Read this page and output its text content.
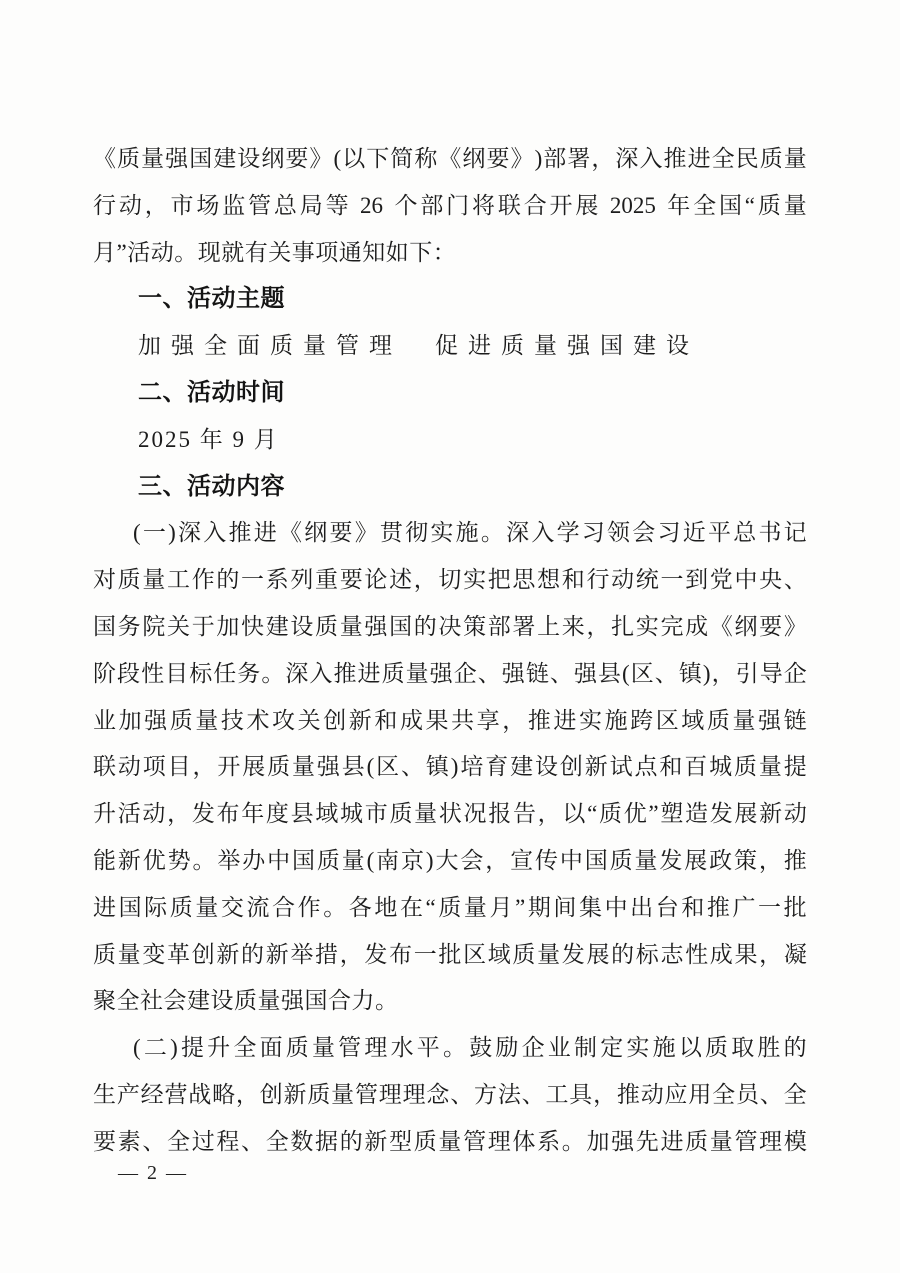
《 质 量 强 国 建 设 纲 要 》 ( 以 下 简 称 《 纲 要 》 ) 部 署 ， 深 入 推 进 全 民 质 量
行 动 ， 市 场 监 管 总 局 等
26
个 部 门 将 联 合 开 展
2025
年 全 国 “ 质 量
月”活动。现就有关事项通知如下：
一、活动主题
加强全面质量管理　促进质量强国建设
二、活动时间
2025 年 9 月
三、活动内容
( 一 ) 深 入 推 进 《 纲 要 》 贯 彻 实 施 。 深 入 学 习 领 会 习 近 平 总 书 记
对 质 量 工 作 的 一 系 列 重 要 论 述 ， 切 实 把 思 想 和 行 动 统 一 到 党 中 央 、
国 务 院 关 于 加 快 建 设 质 量 强 国 的 决 策 部 署 上 来 ， 扎 实 完 成 《 纲 要 》
阶 段 性 目 标 任 务 。 深 入 推 进 质 量 强 企 、 强 链 、 强 县 ( 区 、 镇 ) ， 引 导 企
业 加 强 质 量 技 术 攻 关 创 新 和 成 果 共 享 ， 推 进 实 施 跨 区 域 质 量 强 链
联 动 项 目 ， 开 展 质 量 强 县 ( 区 、 镇 ) 培 育 建 设 创 新 试 点 和 百 城 质 量 提
升 活 动 ， 发 布 年 度 县 域 城 市 质 量 状 况 报 告 ， 以 “ 质 优 ” 塑 造 发 展 新 动
能 新 优 势 。 举 办 中 国 质 量 ( 南 京 ) 大 会 ， 宣 传 中 国 质 量 发 展 政 策 ， 推
进 国 际 质 量 交 流 合 作 。 各 地 在 “ 质 量 月 ” 期 间 集 中 出 台 和 推 广 一 批
质 量 变 革 创 新 的 新 举 措 ， 发 布 一 批 区 域 质 量 发 展 的 标 志 性 成 果 ， 凝
聚全社会建设质量强国合力。
( 二 ) 提 升 全 面 质 量 管 理 水 平 。 鼓 励 企 业 制 定 实 施 以 质 取 胜 的
生 产 经 营 战 略 ， 创 新 质 量 管 理 理 念 、 方 法 、 工 具 ， 推 动 应 用 全 员 、 全
要 素 、 全 过 程 、 全 数 据 的 新 型 质 量 管 理 体 系 。 加 强 先 进 质 量 管 理 模
— 2 —
